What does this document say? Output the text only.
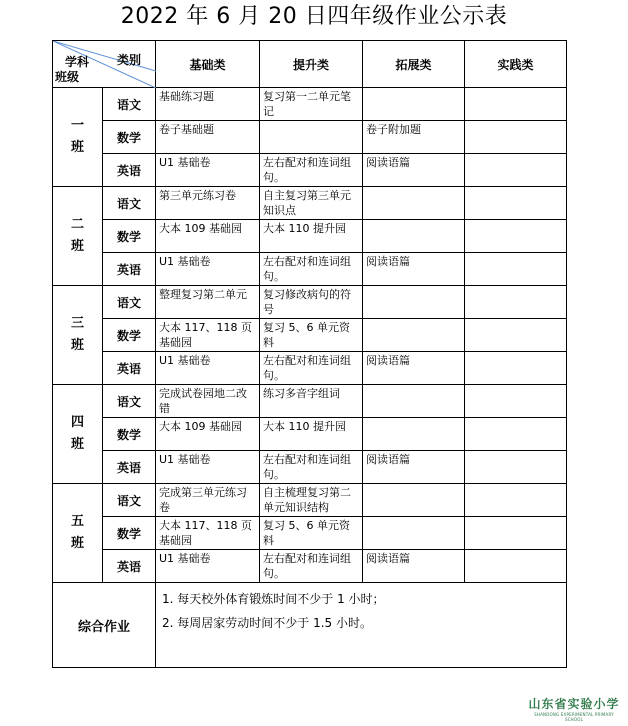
2022 年 6 月 20 日四年级作业公示表
类别
学科
班级		基础类	提升类	拓展类	实践类

一
班	语文	基础练习题	复习第一二单元笔记		
	数学	卷子基础题		卷子附加题	
	英语	U1 基础卷	左右配对和连词组句。	阅读语篇	

二
班	语文	第三单元练习卷	自主复习第三单元知识点		
	数学	大本 109 基础园	大本 110 提升园		
	英语	U1 基础卷	左右配对和连词组句。	阅读语篇	

三
班	语文	整理复习第二单元	复习修改病句的符号		
	数学	大本 117、118 页基础园	复习 5、6 单元资料		
	英语	U1 基础卷	左右配对和连词组句。	阅读语篇	

四
班	语文	完成试卷园地二改错	练习多音字组词		
	数学	大本 109 基础园	大本 110 提升园		
	英语	U1 基础卷	左右配对和连词组句。	阅读语篇	

五
班	语文	完成第三单元练习卷	自主梳理复习第二单元知识结构		
	数学	大本 117、118 页基础园	复习 5、6 单元资料		
	英语	U1 基础卷	左右配对和连词组句。	阅读语篇	
综合作业		1. 每天校外体育锻炼时间不少于 1 小时；
2. 每周居家劳动时间不少于 1.5 小时。			
山东省实验小学
SHANDONG EXPERIMENTAL PRIMARY SCHOOL
